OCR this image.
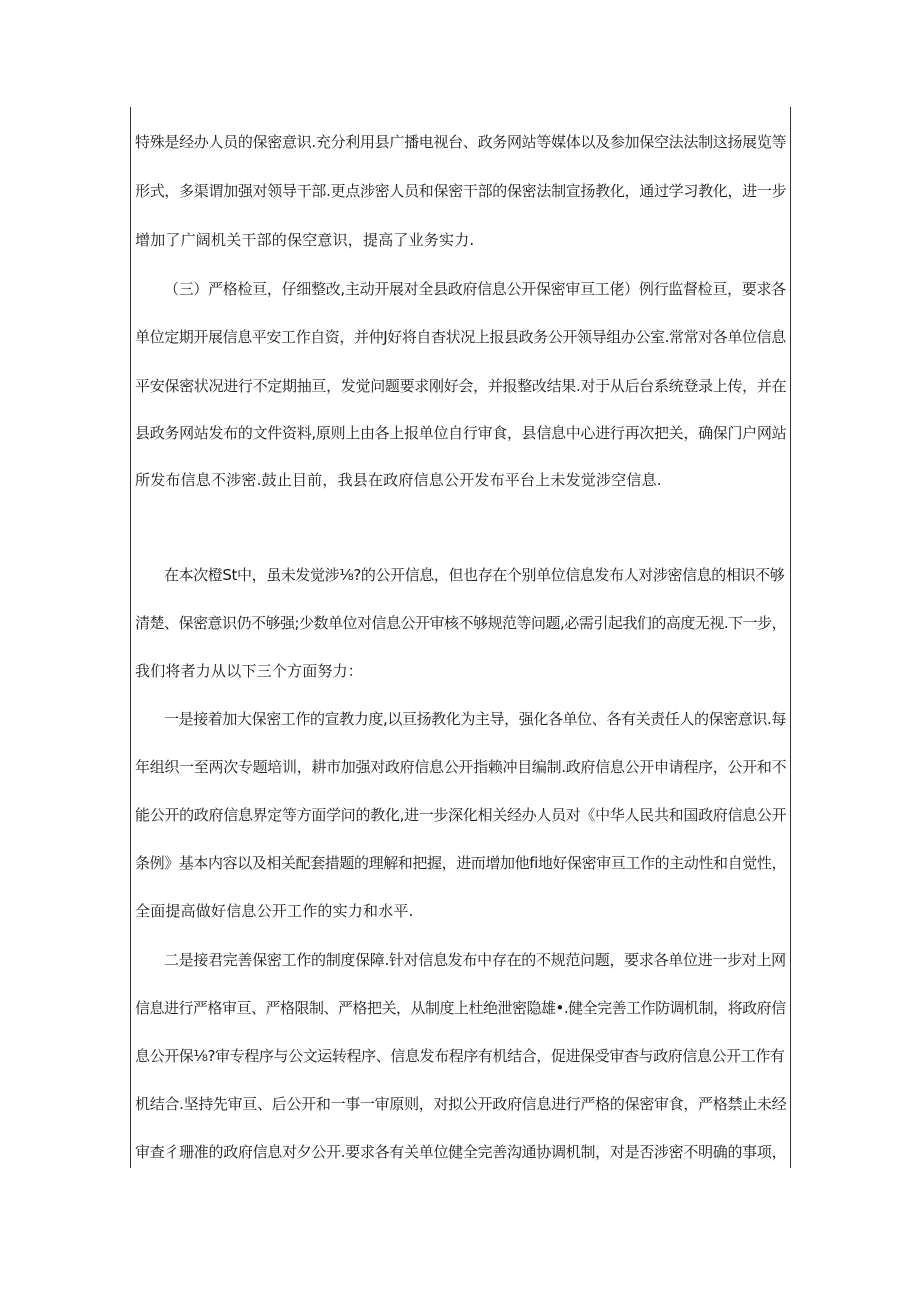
特殊是经办人员的保密意识.充分利用县广播电视台、政务网站等媒体以及参加保空法法制这扬展览等
形式，多渠谓加强对领导干部.更点涉密人员和保密干部的保密法制宣扬教化，通过学习教化，进一步
增加了广阔机关干部的保空意识，提高了业务实力.
（三）严格检亘，仔细整改,主动开展对全县政府信息公开保密审亘工佬）例行监督检亘，要求各
单位定期开展信息平安工作自资，并仲J好将自杳状况上报县政务公开领导组办公室.常常对各单位信息
平安保密状况进行不定期抽亘，发觉问题要求刚好会，并报整改结果.对于从后台系统登录上传，并在
县政务网站发布的文件资料,原则上由各上报单位自行审食，县信息中心进行再次把关，确保门户网站
所发布信息不涉密.鼓止目前，我县在政府信息公开发布平台上未发觉涉空信息.
在本次橙St中，虽未发觉涉⅛?的公开信息，但也存在个别单位信息发布人对涉密信息的相识不够
清楚、保密意识仍不够强;少数单位对信息公开审核不够规范等问题,必需引起我们的高度无视.下一步，
我们将者力从以下三个方面努力：
一是接着加大保密工作的宣教力度,以亘扬教化为主导，强化各单位、各有关责任人的保密意识.每
年组织一至两次专题培训，耕市加强对政府信息公开指赖冲目编制.政府信息公开申请程序，公开和不
能公开的政府信息界定等方面学问的教化,进一步深化相关经办人员对《中华人民共和国政府信息公开
条例》基本内容以及相关配套措题的理解和把握，进而增加他fi地好保密审亘工作的主动性和自觉性，
全面提高做好信息公开工作的实力和水平.
二是接君完善保密工作的制度保障.针对信息发布中存在的不规范问题，要求各单位进一步对上网
信息进行严格审亘、严格限制、严格把关，从制度上杜绝泄密隐雄•.健全完善工作防调机制，将政府信
息公开保⅛?审专程序与公文运转程序、信息发布程序有机结合，促进保受审杳与政府信息公开工作有
机结合.坚持先审亘、后公开和一事一审原则，对拟公开政府信息进行严格的保密审食，严格禁止未经
审查彳珊准的政府信息对夕公开.要求各有关单位健全完善沟通协调机制，对是否涉密不明确的事项，
